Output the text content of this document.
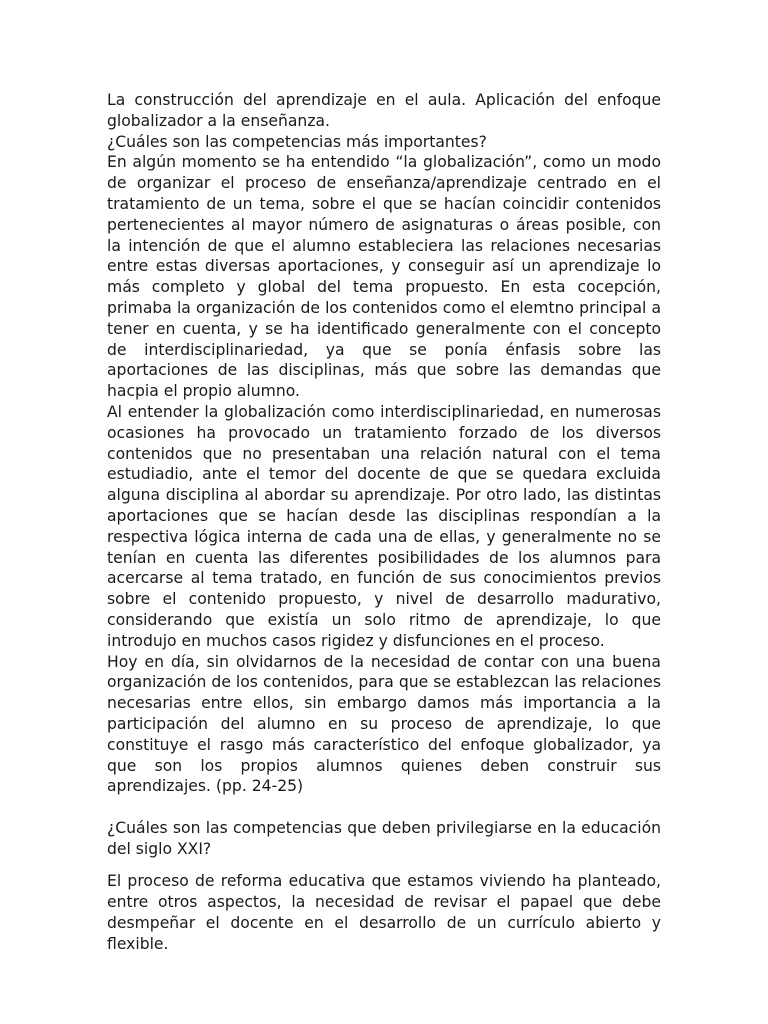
La construcción del aprendizaje en el aula. Aplicación del enfoque globalizador a la enseñanza.

¿Cuáles son las competencias más importantes?

En algún momento se ha entendido “la globalización”, como un modo de organizar el proceso de enseñanza/aprendizaje centrado en el tratamiento de un tema, sobre el que se hacían coincidir contenidos pertenecientes al mayor número de asignaturas o áreas posible, con la intención de que el alumno estableciera las relaciones necesarias entre estas diversas aportaciones, y conseguir así un aprendizaje lo más completo y global del tema propuesto. En esta cocepción, primaba la organización de los contenidos como el elemtno principal a tener en cuenta, y se ha identificado generalmente con el concepto de interdisciplinariedad, ya que se ponía énfasis sobre las aportaciones de las disciplinas, más que sobre las demandas que hacpia el propio alumno.

Al entender la globalización como interdisciplinariedad, en numerosas ocasiones ha provocado un tratamiento forzado de los diversos contenidos que no presentaban una relación natural con el tema estudiadio, ante el temor del docente de que se quedara excluida alguna disciplina al abordar su aprendizaje. Por otro lado, las distintas aportaciones que se hacían desde las disciplinas respondían a la respectiva lógica interna de cada una de ellas, y generalmente no se tenían en cuenta las diferentes posibilidades de los alumnos para acercarse al tema tratado, en función de sus conocimientos previos sobre el contenido propuesto, y nivel de desarrollo madurativo, considerando que existía un solo ritmo de aprendizaje, lo que introdujo en muchos casos rigidez y disfunciones en el proceso.

Hoy en día, sin olvidarnos de la necesidad de contar con una buena organización de los contenidos, para que se establezcan las relaciones necesarias entre ellos, sin embargo damos más importancia a la participación del alumno en su proceso de aprendizaje, lo que constituye el rasgo más característico del enfoque globalizador, ya que son los propios alumnos quienes deben construir sus aprendizajes. (pp. 24-25)

¿Cuáles son las competencias que deben privilegiarse en la educación del siglo XXI?

El proceso de reforma educativa que estamos viviendo ha planteado, entre otros aspectos, la necesidad de revisar el papael que debe desmpeñar el docente en el desarrollo de un currículo abierto y flexible.
